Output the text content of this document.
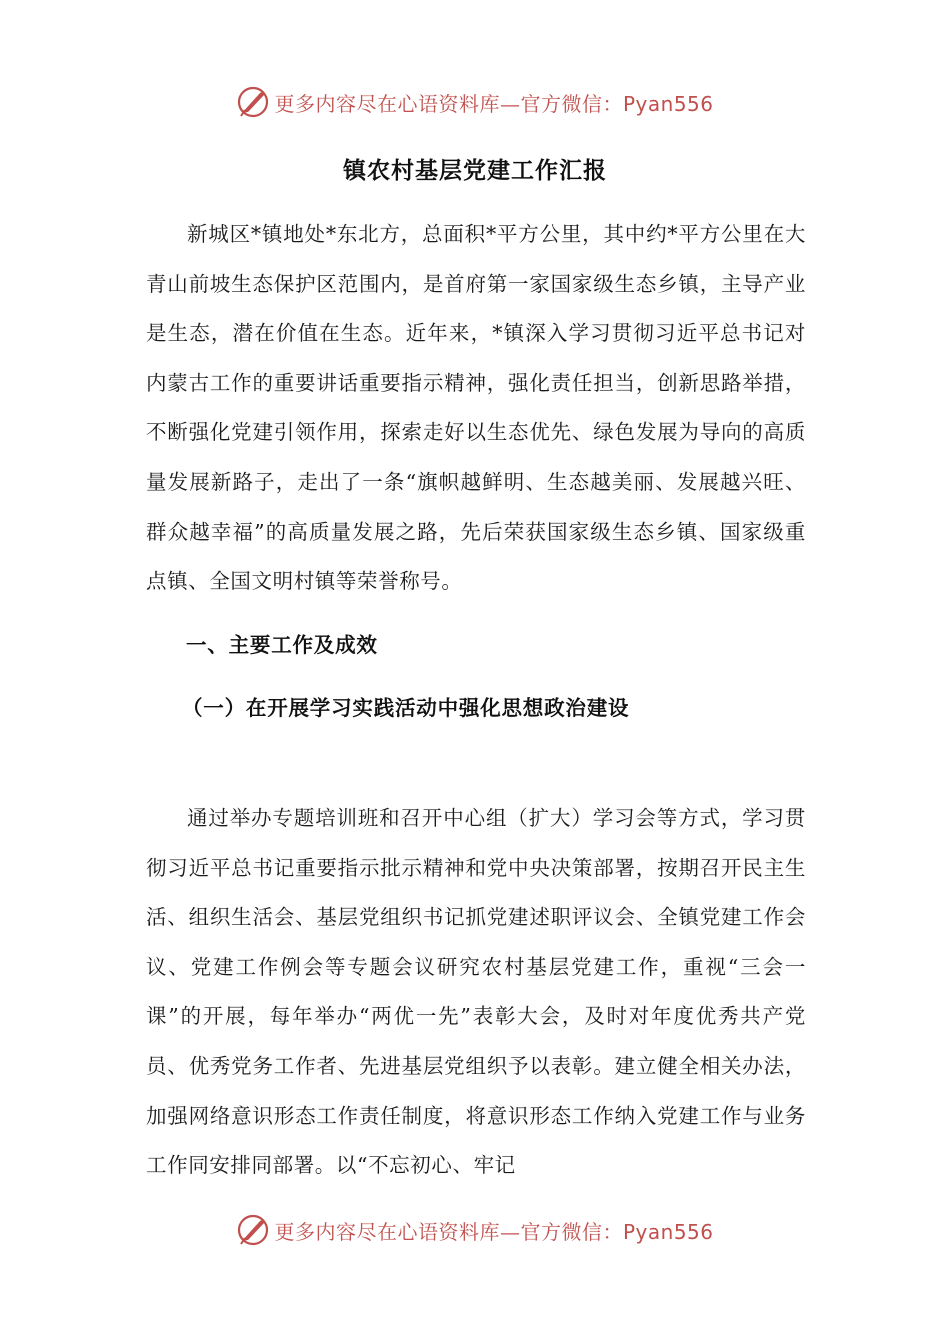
更多内容尽在心语资料库—官方微信：Pyan556
镇农村基层党建工作汇报

新城区*镇地处*东北方，总面积*平方公里，其中约*平方公里在大青山前坡生态保护区范围内，是首府第一家国家级生态乡镇，主导产业是生态，潜在价值在生态。近年来，*镇深入学习贯彻习近平总书记对内蒙古工作的重要讲话重要指示精神，强化责任担当，创新思路举措，不断强化党建引领作用，探索走好以生态优先、绿色发展为导向的高质量发展新路子，走出了一条“旗帜越鲜明、生态越美丽、发展越兴旺、群众越幸福”的高质量发展之路，先后荣获国家级生态乡镇、国家级重点镇、全国文明村镇等荣誉称号。

一、主要工作及成效
（一）在开展学习实践活动中强化思想政治建设

通过举办专题培训班和召开中心组（扩大）学习会等方式，学习贯彻习近平总书记重要指示批示精神和党中央决策部署，按期召开民主生活、组织生活会、基层党组织书记抓党建述职评议会、全镇党建工作会议、党建工作例会等专题会议研究农村基层党建工作，重视“三会一课”的开展，每年举办“两优一先”表彰大会，及时对年度优秀共产党员、优秀党务工作者、先进基层党组织予以表彰。建立健全相关办法，加强网络意识形态工作责任制度，将意识形态工作纳入党建工作与业务工作同安排同部署。以“不忘初心、牢记

更多内容尽在心语资料库—官方微信：Pyan556
